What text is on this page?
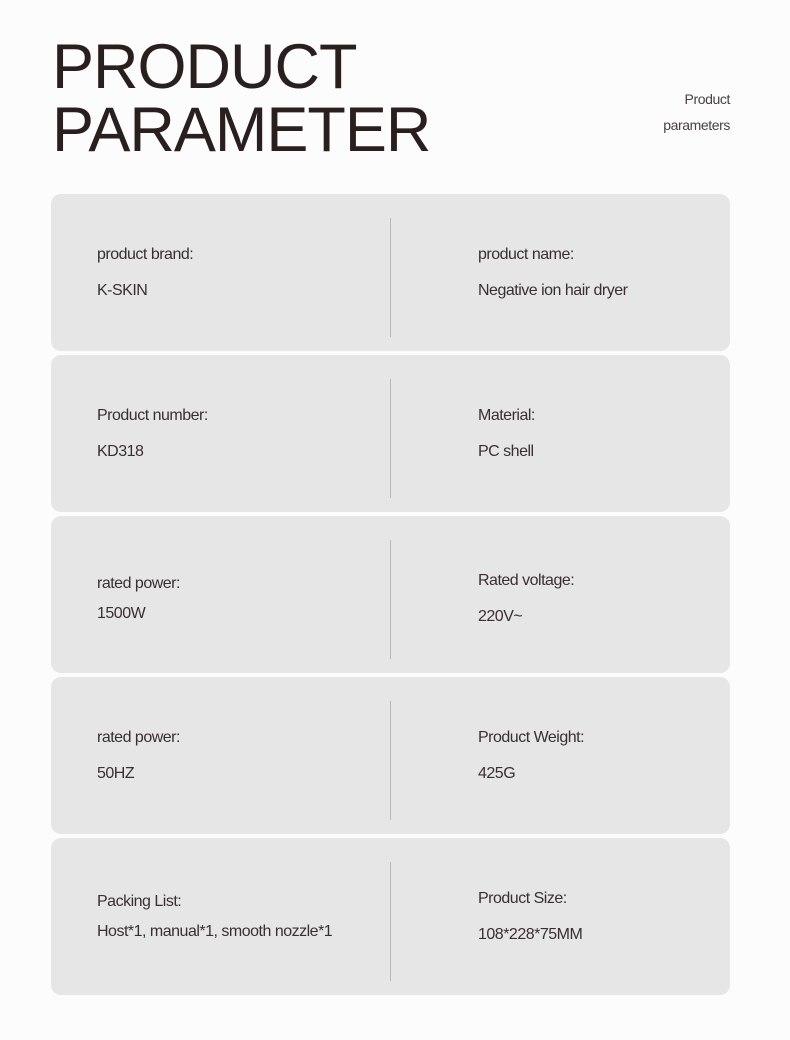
PRODUCT
PARAMETER	Product
parameters
product brand:
K-SKIN
product name:
Negative ion hair dryer
Product number:
KD318
Material:
PC shell
rated power:
1500W
Rated voltage:
220V~
rated power:
50HZ
Product Weight:
425G
Packing List:
Host*1, manual*1, smooth nozzle*1
Product Size:
108*228*75MM
